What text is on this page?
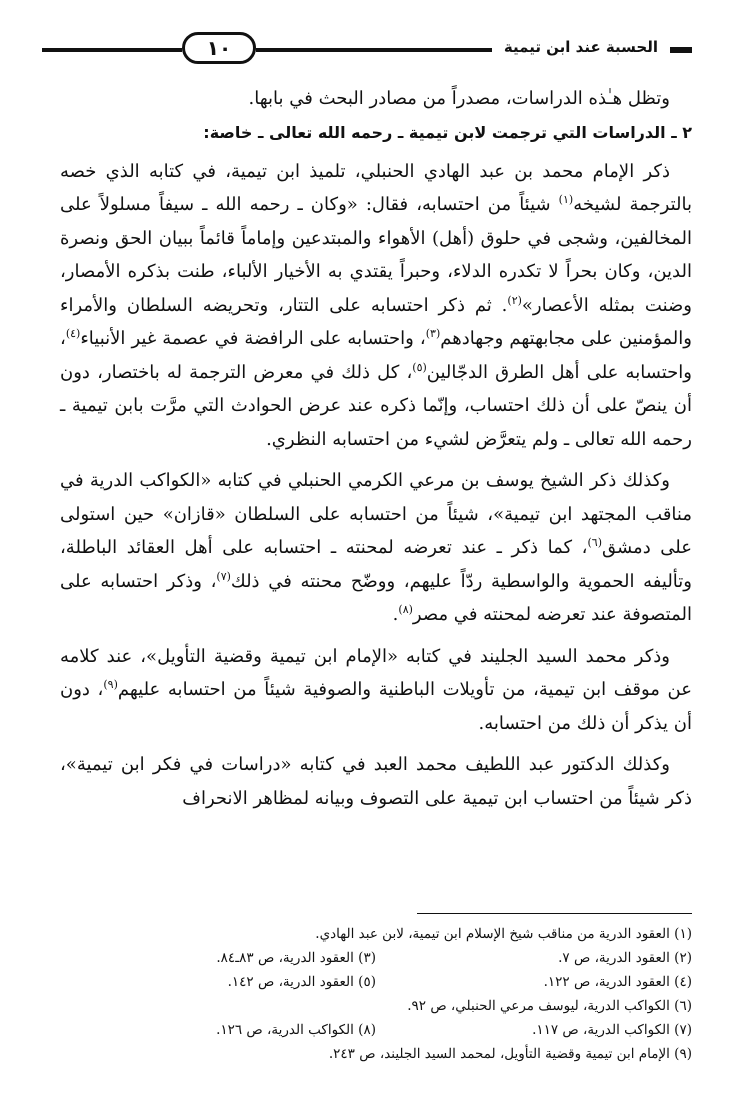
الحسبة عند ابن تيمية
١٠

وتظل هـٰذه الدراسات، مصدراً من مصادر البحث في بابها.

٢ ـ الدراسات التي ترجمت لابن تيمية ـ رحمه الله تعالى ـ خاصة:

ذكر الإمام محمد بن عبد الهادي الحنبلي، تلميذ ابن تيمية، في كتابه الذي خصه بالترجمة لشيخه$^{(١)}$ شيئاً من احتسابه، فقال: «وكان ـ رحمه الله ـ سيفاً مسلولاً على المخالفين، وشجى في حلوق (أهل) الأهواء والمبتدعين وإماماً قائماً ببيان الحق ونصرة الدين، وكان بحراً لا تكدره الدلاء، وحبراً يقتدي به الأخيار الألباء، طنت بذكره الأمصار، وضنت بمثله الأعصار»$^{(٢)}$. ثم ذكر احتسابه على التتار، وتحريضه السلطان والأمراء والمؤمنين على مجابهتهم وجهادهم$^{(٣)}$، واحتسابه على الرافضة في عصمة غير الأنبياء$^{(٤)}$، واحتسابه على أهل الطرق الدجّالين$^{(٥)}$، كل ذلك في معرض الترجمة له باختصار، دون أن ينصّ على أن ذلك احتساب، وإنّما ذكره عند عرض الحوادث التي مرَّت بابن تيمية ـ رحمه الله تعالى ـ ولم يتعرَّض لشيء من احتسابه النظري.

وكذلك ذكر الشيخ يوسف بن مرعي الكرمي الحنبلي في كتابه «الكواكب الدرية في مناقب المجتهد ابن تيمية»، شيئاً من احتسابه على السلطان «قازان» حين استولى على دمشق$^{(٦)}$، كما ذكر ـ عند تعرضه لمحنته ـ احتسابه على أهل العقائد الباطلة، وتأليفه الحموية والواسطية ردّاً عليهم، ووضّح محنته في ذلك$^{(٧)}$، وذكر احتسابه على المتصوفة عند تعرضه لمحنته في مصر$^{(٨)}$.

وذكر محمد السيد الجليند في كتابه «الإمام ابن تيمية وقضية التأويل»، عند كلامه عن موقف ابن تيمية، من تأويلات الباطنية والصوفية شيئاً من احتسابه عليهم$^{(٩)}$، دون أن يذكر أن ذلك من احتسابه.

وكذلك الدكتور عبد اللطيف محمد العبد في كتابه «دراسات في فكر ابن تيمية»، ذكر شيئاً من احتساب ابن تيمية على التصوف وبيانه لمظاهر الانحراف

(١) العقود الدرية من مناقب شيخ الإسلام ابن تيمية، لابن عبد الهادي.
(٢) العقود الدرية، ص ٧.
(٣) العقود الدرية، ص ٨٣ـ٨٤.
(٤) العقود الدرية، ص ١٢٢.
(٥) العقود الدرية، ص ١٤٢.
(٦) الكواكب الدرية، ليوسف مرعي الحنبلي، ص ٩٢.
(٧) الكواكب الدرية، ص ١١٧.
(٨) الكواكب الدرية، ص ١٢٦.
(٩) الإمام ابن تيمية وقضية التأويل، لمحمد السيد الجليند، ص ٢٤٣.
